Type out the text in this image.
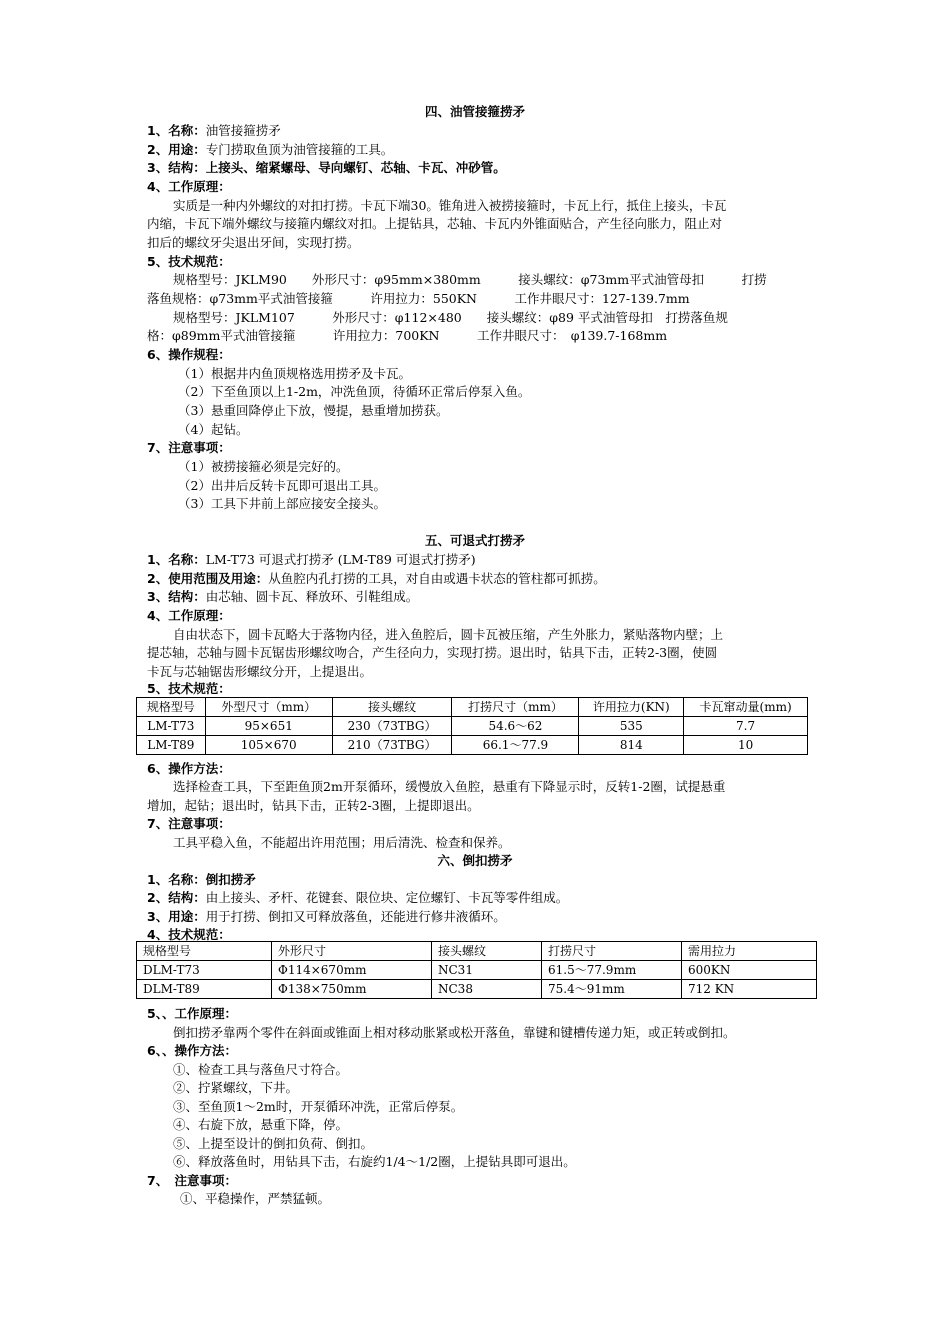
四、油管接箍捞矛
1、名称：油管接箍捞矛
2、用途：专门捞取鱼顶为油管接箍的工具。
3、结构：上接头、缩紧螺母、导向螺钉、芯轴、卡瓦、冲砂管。
4、工作原理：
实质是一种内外螺纹的对扣打捞。卡瓦下端30。锥角进入被捞接箍时，卡瓦上行，抵住上接头，卡瓦
内缩，卡瓦下端外螺纹与接箍内螺纹对扣。上提钻具，芯轴、卡瓦内外锥面贴合，产生径向胀力，阻止对
扣后的螺纹牙尖退出牙间，实现打捞。
5、技术规范：
规格型号：JKLM90　　外形尺寸：φ95mm×380mm　　　接头螺纹：φ73mm平式油管母扣　　　打捞
落鱼规格：φ73mm平式油管接箍　　　许用拉力：550KN　　　工作井眼尺寸：127-139.7mm
规格型号：JKLM107　　　外形尺寸：φ112×480　　接头螺纹：φ89 平式油管母扣　打捞落鱼规
格：φ89mm平式油管接箍　　　许用拉力：700KN　　　工作井眼尺寸：　φ139.7-168mm
6、操作规程：
（1）根据井内鱼顶规格选用捞矛及卡瓦。
（2）下至鱼顶以上1-2m，冲洗鱼顶，待循环正常后停泵入鱼。
（3）悬重回降停止下放，慢提，悬重增加捞获。
（4）起钻。
7、注意事项：
（1）被捞接箍必须是完好的。
（2）出井后反转卡瓦即可退出工具。
（3）工具下井前上部应接安全接头。
五、可退式打捞矛
1、名称：LM-T73 可退式打捞矛 (LM-T89 可退式打捞矛)
2、使用范围及用途：从鱼腔内孔打捞的工具，对自由或遇卡状态的管柱都可抓捞。
3、结构：由芯轴、圆卡瓦、释放环、引鞋组成。
4、工作原理：
自由状态下，圆卡瓦略大于落物内径，进入鱼腔后，圆卡瓦被压缩，产生外胀力，紧贴落物内壁；上
提芯轴，芯轴与圆卡瓦锯齿形螺纹吻合，产生径向力，实现打捞。退出时，钻具下击，正转2-3圈，使圆
卡瓦与芯轴锯齿形螺纹分开，上提退出。
5、技术规范：
规格型号	外型尺寸（mm）	接头螺纹	打捞尺寸（mm）	许用拉力(KN)	卡瓦窜动量(mm)
LM-T73	95×651	230（73TBG）	54.6～62	535	7.7
LM-T89	105×670	210（73TBG）	66.1～77.9	814	10
6、操作方法：
选择检查工具，下至距鱼顶2m开泵循环，缓慢放入鱼腔，悬重有下降显示时，反转1-2圈，试提悬重
增加，起钻；退出时，钻具下击，正转2-3圈，上提即退出。
7、注意事项：
工具平稳入鱼，不能超出许用范围；用后清洗、检查和保养。
六、倒扣捞矛
1、名称：倒扣捞矛
2、结构：由上接头、矛杆、花键套、限位块、定位螺钉、卡瓦等零件组成。
3、用途：用于打捞、倒扣又可释放落鱼，还能进行修井液循环。
4、技术规范：
规格型号	外形尺寸	接头螺纹	打捞尺寸	需用拉力
DLM-T73	Φ114×670mm	NC31	61.5～77.9mm	600KN
DLM-T89	Φ138×750mm	NC38	75.4～91mm	712 KN
5、、工作原理：
倒扣捞矛靠两个零件在斜面或锥面上相对移动胀紧或松开落鱼，靠键和键槽传递力矩，或正转或倒扣。
6、、操作方法：
①、检查工具与落鱼尺寸符合。
②、拧紧螺纹，下井。
③、至鱼顶1～2m时，开泵循环冲洗，正常后停泵。
④、右旋下放，悬重下降，停。
⑤、上提至设计的倒扣负荷、倒扣。
⑥、释放落鱼时，用钻具下击，右旋约1/4～1/2圈，上提钻具即可退出。
7、　注意事项：
①、平稳操作，严禁猛顿。
